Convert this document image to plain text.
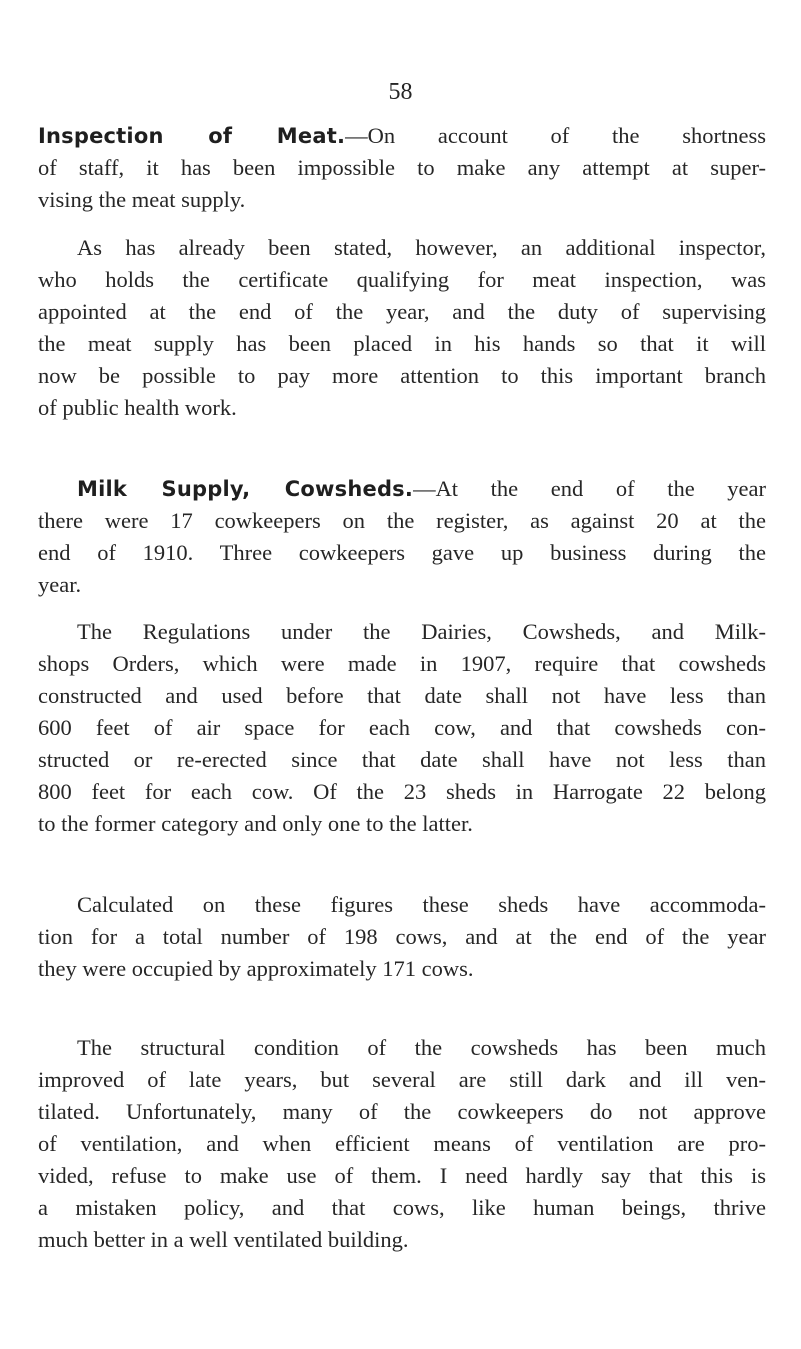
58

Inspection of Meat.—On account of the shortness
of staff, it has been impossible to make any attempt at super-
vising the meat supply.

As has already been stated, however, an additional inspector,
who holds the certificate qualifying for meat inspection, was
appointed at the end of the year, and the duty of supervising
the meat supply has been placed in his hands so that it will
now be possible to pay more attention to this important branch
of public health work.

Milk Supply, Cowsheds.—At the end of the year
there were 17 cowkeepers on the register, as against 20 at the
end of 1910. Three cowkeepers gave up business during the
year.

The Regulations under the Dairies, Cowsheds, and Milk-
shops Orders, which were made in 1907, require that cowsheds
constructed and used before that date shall not have less than
600 feet of air space for each cow, and that cowsheds con-
structed or re-erected since that date shall have not less than
800 feet for each cow. Of the 23 sheds in Harrogate 22 belong
to the former category and only one to the latter.

Calculated on these figures these sheds have accommoda-
tion for a total number of 198 cows, and at the end of the year
they were occupied by approximately 171 cows.

The structural condition of the cowsheds has been much
improved of late years, but several are still dark and ill ven-
tilated. Unfortunately, many of the cowkeepers do not approve
of ventilation, and when efficient means of ventilation are pro-
vided, refuse to make use of them. I need hardly say that this is
a mistaken policy, and that cows, like human beings, thrive
much better in a well ventilated building.
